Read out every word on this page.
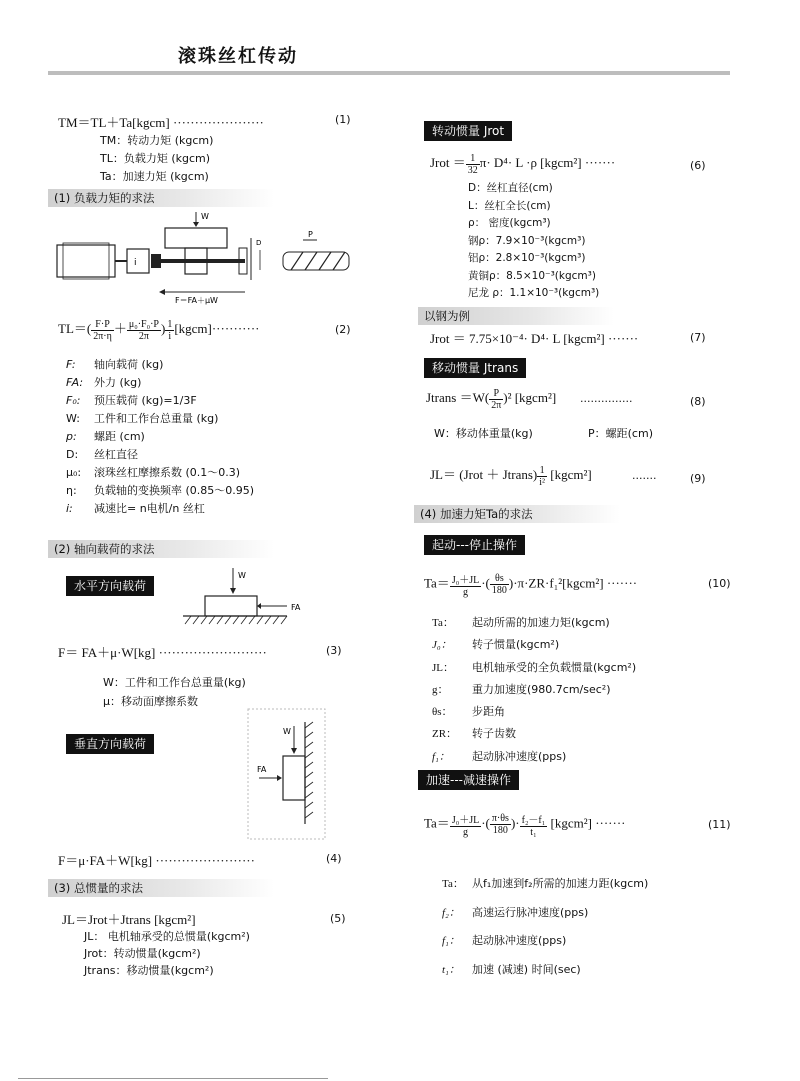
滚珠丝杠传动
TM＝TL＋Ta[kgcm] ·····················	(1)
TM：转动力矩 (kgcm)
TL：负载力矩 (kgcm)
Ta：加速力矩 (kgcm)
(1) 负载力矩的求法
i
W
D
P
F＝FA＋μW
$TL=( \frac{F\cdot P}{2\pi\cdot\eta} + \frac{\text{μ₀·F₀·P}}{2\pi}$ ) $\frac{1}{i}$ [kgcm]···········	(2)
F: 轴向载荷 (kg)
FA: 外力 (kg)
F₀: 预压载荷 (kg)=1/3F
W: 工件和工作台总重量 (kg)
p: 螺距 (cm)
D: 丝杠直径
μ₀: 滚珠丝杠摩擦系数 (0.1～0.3)
η: 负载轴的变换频率 (0.85～0.95)
i: 减速比= n电机/n 丝杠
(2) 轴向载荷的求法
水平方向载荷
W
FA
F＝ FA＋μ·W[kg] ·························	(3)
W：工件和工作台总重量(kg)
μ：移动面摩擦系数
垂直方向载荷
W
FA
F＝μ·FA＋W[kg] ·······················	(4)
(3) 总惯量的求法
JL＝Jrot＋Jtrans [kgcm²]	(5)
JL： 电机轴承受的总惯量(kgcm²)
Jrot：转动惯量(kgcm²)
Jtrans：移动惯量(kgcm²)
转动惯量 Jrot
Jrot ＝ $\frac{1}{32} \pi\cdot D^4\cdot L \cdot\rho$ [kgcm²] ·······	(6)
D：丝杠直径(cm)
L：丝杠全长(cm)
ρ： 密度(kgcm³)
钢ρ：7.9×10⁻³(kgcm³)
铝ρ：2.8×10⁻³(kgcm³)
黄铜ρ：8.5×10⁻³(kgcm³)
尼龙 ρ：1.1×10⁻³(kgcm³)
以钢为例
Jrot ＝ 7.75×10⁻⁴· D⁴· L [kgcm²] ·······	(7)
移动惯量 Jtrans
Jtrans $=W( \frac{P}{2\pi} )^2$ [kgcm²] ···············	(8)
W：移动体重量(kg)	P：螺距(cm)
JL＝ (Jrot ＋ Jtrans) $\frac{1}{\text{i²}}$ [kgcm²]	·······	(9)
(4) 加速力矩Ta的求法
起动---停止操作
$Ta= \frac{\text{J₀＋JL}}{g}$ ·( $\frac{\theta s}{180}$ )·π·ZR·f₁²[kgcm²] ·······	(10)
Ta： 起动所需的加速力矩(kgcm)
J₀： 转子惯量(kgcm²)
JL： 电机轴承受的全负载惯量(kgcm²)
g： 重力加速度(980.7cm/sec²)
θs： 步距角
ZR： 转子齿数
f₁： 起动脉冲速度(pps)
加速---减速操作
$Ta= \frac{\text{J₀＋JL}}{g}$ ·( $\frac{\pi\cdot\theta s}{180}$ )· $\frac{\text{f₂－f₁}}{\text{t₁}}$ [kgcm²] ·······	(11)
Ta： 从f₁加速到f₂所需的加速力距(kgcm)
f₂： 高速运行脉冲速度(pps)
f₁： 起动脉冲速度(pps)
t₁： 加速 (减速) 时间(sec)
